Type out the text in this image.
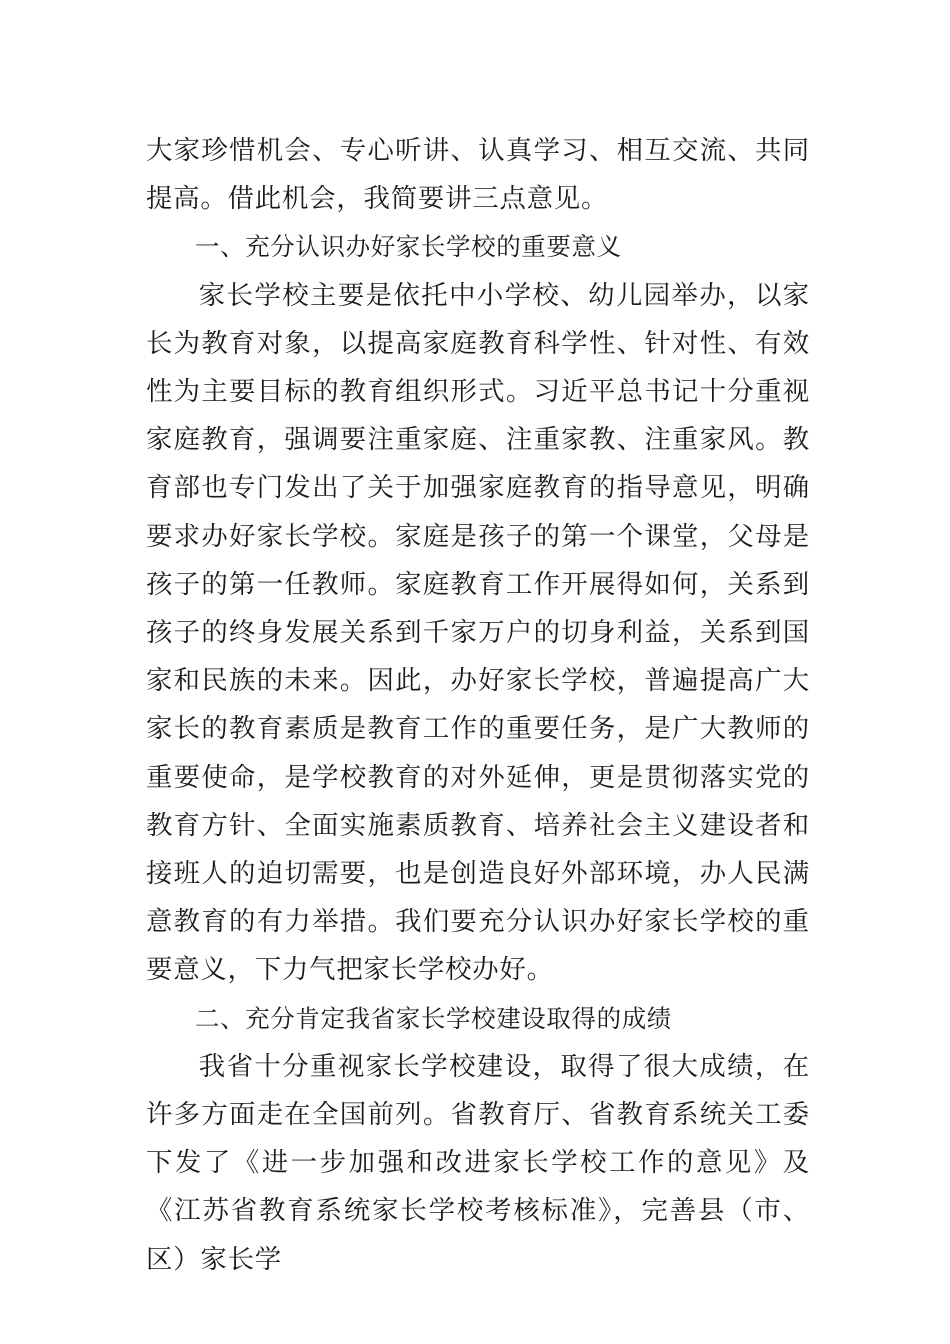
大家珍惜机会、专心听讲、认真学习、相互交流、共同提高。借此机会，我简要讲三点意见。

一、充分认识办好家长学校的重要意义

家长学校主要是依托中小学校、幼儿园举办，以家长为教育对象，以提高家庭教育科学性、针对性、有效性为主要目标的教育组织形式。习近平总书记十分重视家庭教育，强调要注重家庭、注重家教、注重家风。教育部也专门发出了关于加强家庭教育的指导意见，明确要求办好家长学校。家庭是孩子的第一个课堂，父母是孩子的第一任教师。家庭教育工作开展得如何，关系到孩子的终身发展关系到千家万户的切身利益，关系到国家和民族的未来。因此，办好家长学校，普遍提高广大家长的教育素质是教育工作的重要任务，是广大教师的重要使命，是学校教育的对外延伸，更是贯彻落实党的教育方针、全面实施素质教育、培养社会主义建设者和接班人的迫切需要，也是创造良好外部环境，办人民满意教育的有力举措。我们要充分认识办好家长学校的重要意义，下力气把家长学校办好。

二、充分肯定我省家长学校建设取得的成绩

我省十分重视家长学校建设，取得了很大成绩，在许多方面走在全国前列。省教育厅、省教育系统关工委下发了《进一步加强和改进家长学校工作的意见》及《江苏省教育系统家长学校考核标准》，完善县（市、区）家长学
